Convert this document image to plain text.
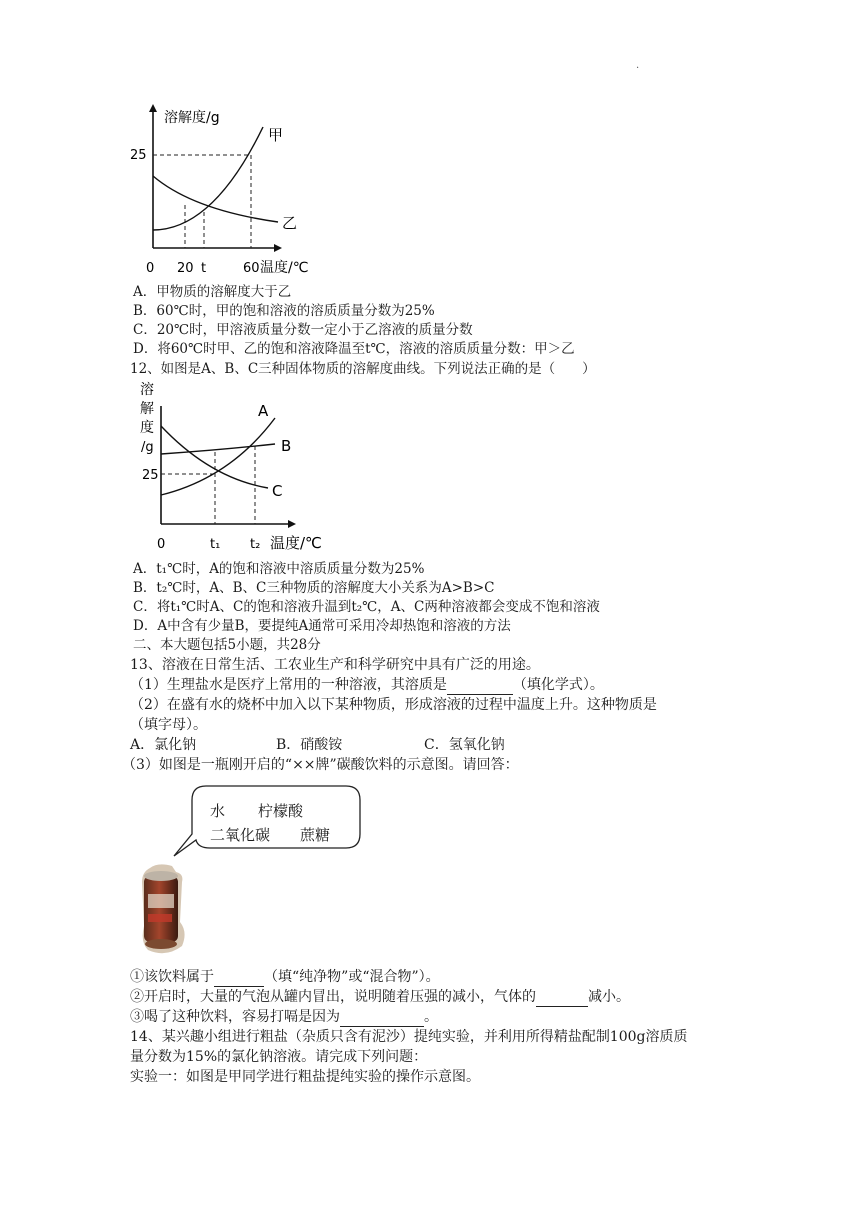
.
溶解度/g
25
甲
乙
0 20 t	60 温度/℃
A．甲物质的溶解度大于乙
B．60℃时，甲的饱和溶液的溶质质量分数为25%
C．20℃时，甲溶液质量分数一定小于乙溶液的质量分数
D．将60℃时甲、乙的饱和溶液降温至t℃，溶液的溶质质量分数：甲＞乙
12、如图是A、B、C三种固体物质的溶解度曲线。下列说法正确的是（　　）
溶
解
度
/g
25
A
B
C
0	t₁ t₂ 温度/℃
A．t₁℃时，A的饱和溶液中溶质质量分数为25%
B．t₂℃时，A、B、C三种物质的溶解度大小关系为A>B>C
C．将t₁℃时A、C的饱和溶液升温到t₂℃，A、C两种溶液都会变成不饱和溶液
D．A中含有少量B，要提纯A通常可采用冷却热饱和溶液的方法
二、本大题包括5小题，共28分
13、溶液在日常生活、工农业生产和科学研究中具有广泛的用途。
（1）生理盐水是医疗上常用的一种溶液，其溶质是	（填化学式）。
（2）在盛有水的烧杯中加入以下某种物质，形成溶液的过程中温度上升。这种物质是
（填字母）。
A．氯化钠	B．硝酸铵	C．氢氧化钠
（3）如图是一瓶刚开启的“××牌”碳酸饮料的示意图。请回答：
水 柠檬酸
二氧化碳 蔗糖
①该饮料属于	（填“纯净物”或“混合物”）。
②开启时，大量的气泡从罐内冒出，说明随着压强的减小，气体的	减小。
③喝了这种饮料，容易打嗝是因为	。
14、某兴趣小组进行粗盐（杂质只含有泥沙）提纯实验，并利用所得精盐配制100g溶质质
量分数为15%的氯化钠溶液。请完成下列问题：
实验一：如图是甲同学进行粗盐提纯实验的操作示意图。
